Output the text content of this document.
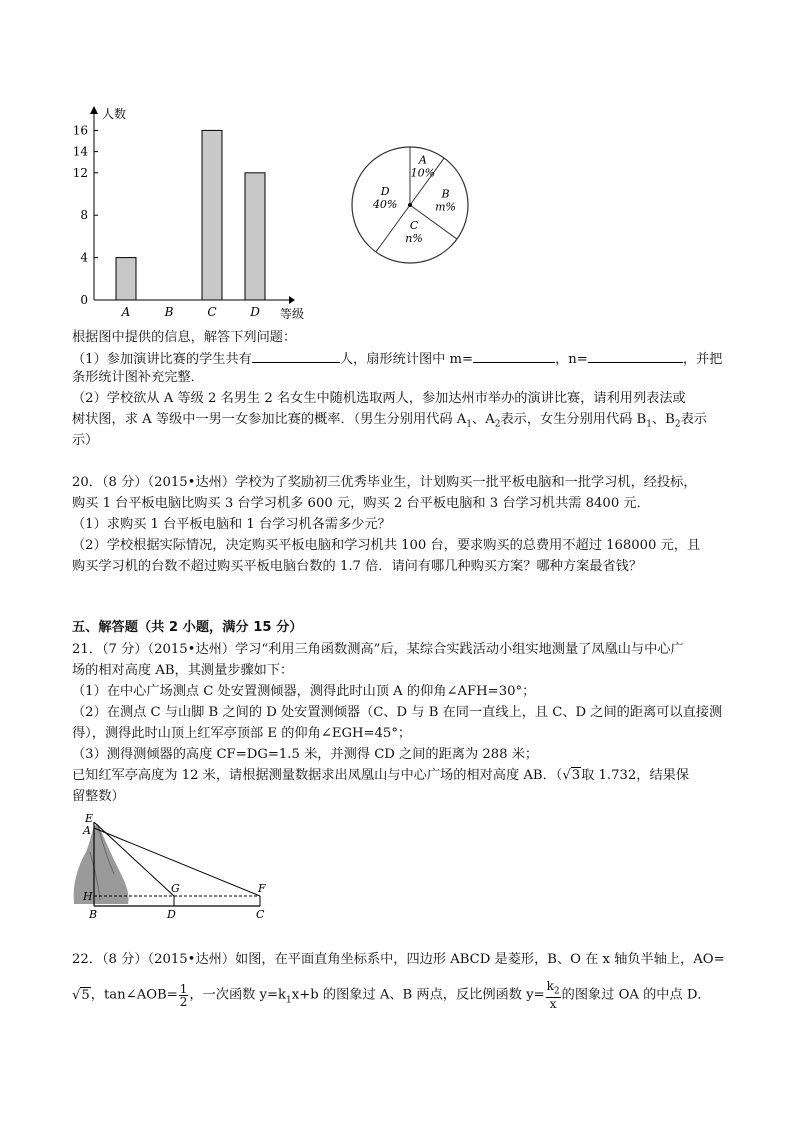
人数
等级
0
4
8
12
14
16
A	B	C	D
A
10%
B
m%
C
n%
D
40%
根据图中提供的信息，解答下列问题：
（1）参加演讲比赛的学生共有	人，扇形统计图中 m=	，n=	，并把
条形统计图补充完整．
（2）学校欲从 A 等级 2 名男生 2 名女生中随机选取两人，参加达州市举办的演讲比赛，请利用列表法或
树状图，求 A 等级中一男一女参加比赛的概率．（男生分别用代码 $A_1$、$A_2$表示，女生分别用代码 $B_1$、$B_2$表示
示）
20．（8 分）（2015•达州）学校为了奖励初三优秀毕业生，计划购买一批平板电脑和一批学习机，经投标，
购买 1 台平板电脑比购买 3 台学习机多 600 元，购买 2 台平板电脑和 3 台学习机共需 8400 元．
（1）求购买 1 台平板电脑和 1 台学习机各需多少元？
（2）学校根据实际情况，决定购买平板电脑和学习机共 100 台，要求购买的总费用不超过 168000 元，且
购买学习机的台数不超过购买平板电脑台数的 1.7 倍．请问有哪几种购买方案？哪种方案最省钱？
五、解答题（共 2 小题，满分 15 分）
21．（7 分）（2015•达州）学习“利用三角函数测高”后，某综合实践活动小组实地测量了凤凰山与中心广
场的相对高度 AB，其测量步骤如下：
（1）在中心广场测点 C 处安置测倾器，测得此时山顶 A 的仰角∠AFH=30°；
（2）在测点 C 与山脚 B 之间的 D 处安置测倾器（C、D 与 B 在同一直线上，且 C、D 之间的距离可以直接测
得），测得此时山顶上红军亭顶部 E 的仰角∠EGH=45°；
（3）测得测倾器的高度 CF=DG=1.5 米，并测得 CD 之间的距离为 288 米；
已知红军亭高度为 12 米，请根据测量数据求出凤凰山与中心广场的相对高度 AB．（√3取 1.732，结果保
留整数）
E
A
H
B
G
D
F
C
22．（8 分）（2015•达州）如图，在平面直角坐标系中，四边形 ABCD 是菱形，B、O 在 x 轴负半轴上，AO=
√5，tan∠AOB= $\frac{1}{2}$ ，一次函数 $y=k_1x+b$ 的图象过 A、B 两点，反比例函数 $y= \frac{k_2}{x}$ 的图象过 OA 的中点 D．
